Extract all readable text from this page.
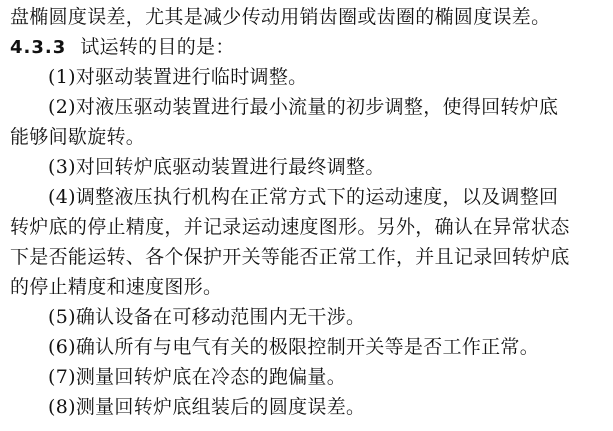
盘椭圆度误差，尤其是减少传动用销齿圈或齿圈的椭圆度误差。
4.3.3 试运转的目的是：
(1)对驱动装置进行临时调整。
(2)对液压驱动装置进行最小流量的初步调整，使得回转炉底
能够间歇旋转。
(3)对回转炉底驱动装置进行最终调整。
(4)调整液压执行机构在正常方式下的运动速度，以及调整回
转炉底的停止精度，并记录运动速度图形。另外，确认在异常状态
下是否能运转、各个保护开关等能否正常工作，并且记录回转炉底
的停止精度和速度图形。
(5)确认设备在可移动范围内无干涉。
(6)确认所有与电气有关的极限控制开关等是否工作正常。
(7)测量回转炉底在冷态的跑偏量。
(8)测量回转炉底组装后的圆度误差。
